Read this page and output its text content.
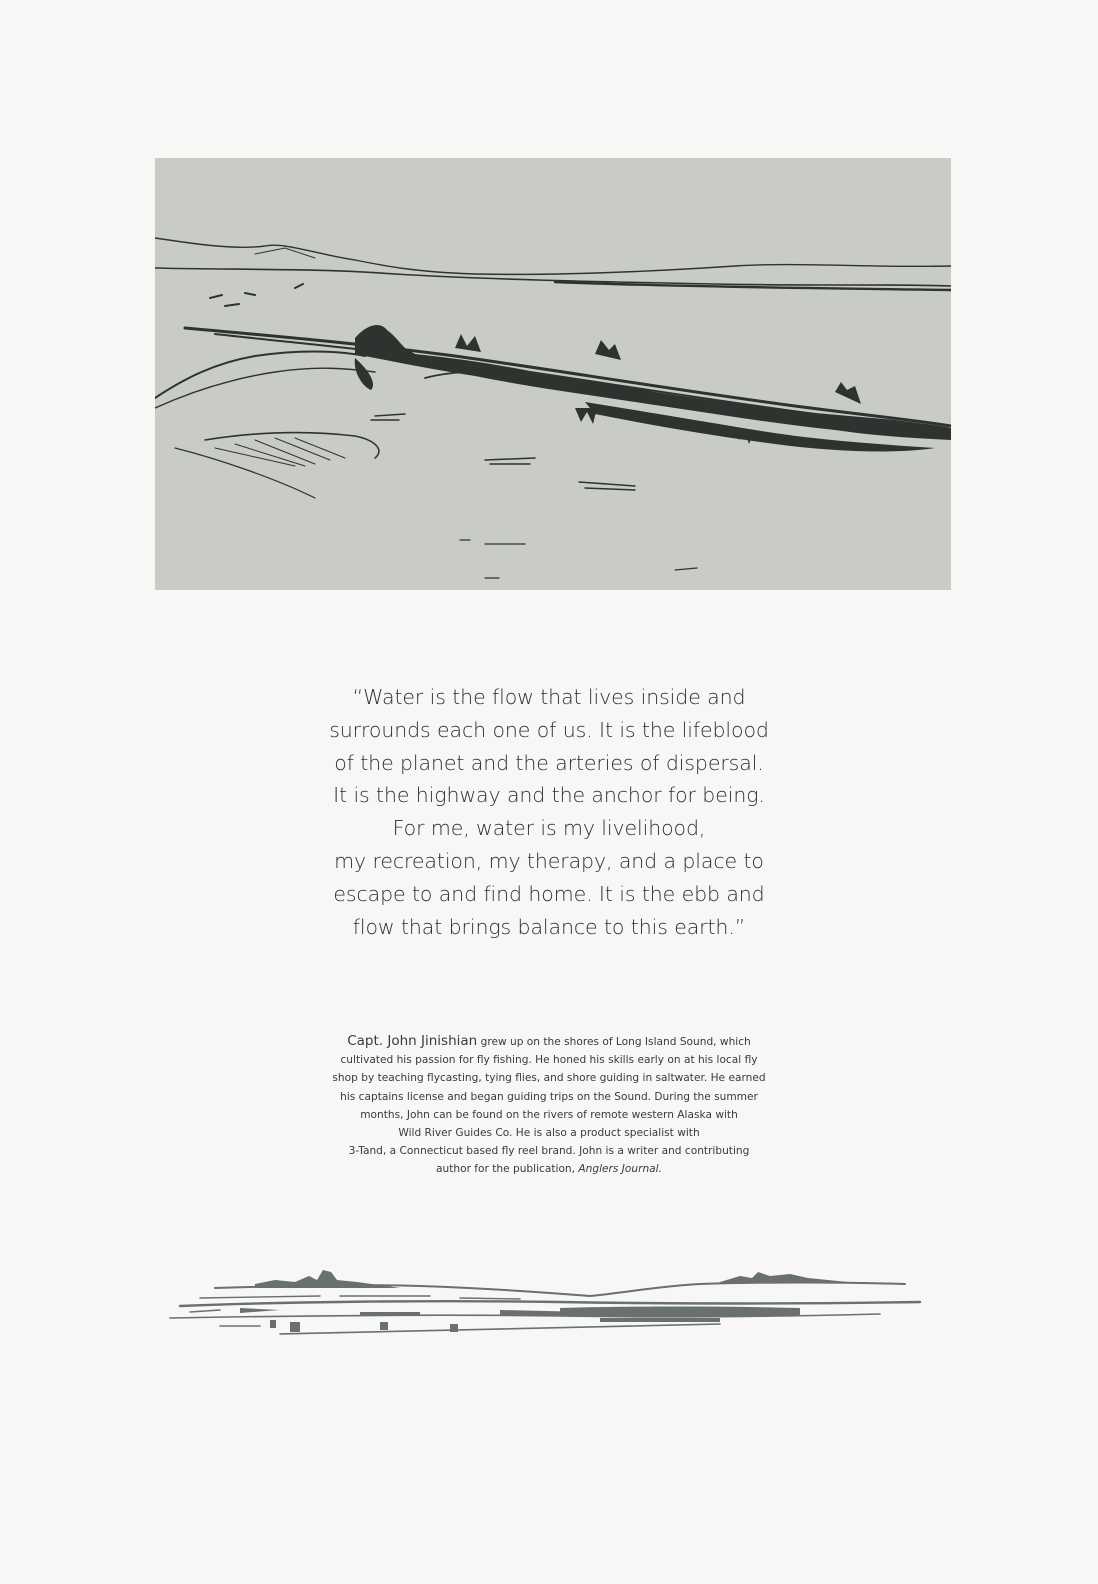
“Water is the flow that lives inside and
surrounds each one of us. It is the lifeblood
of the planet and the arteries of dispersal.
It is the highway and the anchor for being.
For me, water is my livelihood,
my recreation, my therapy, and a place to
escape to and find home. It is the ebb and
flow that brings balance to this earth.”
Capt. John Jinishian grew up on the shores of Long Island Sound, which
cultivated his passion for fly fishing. He honed his skills early on at his local fly
shop by teaching flycasting, tying flies, and shore guiding in saltwater. He earned
his captains license and began guiding trips on the Sound. During the summer
months, John can be found on the rivers of remote western Alaska with
Wild River Guides Co. He is also a product specialist with
3-Tand, a Connecticut based fly reel brand. John is a writer and contributing
author for the publication, Anglers Journal.
